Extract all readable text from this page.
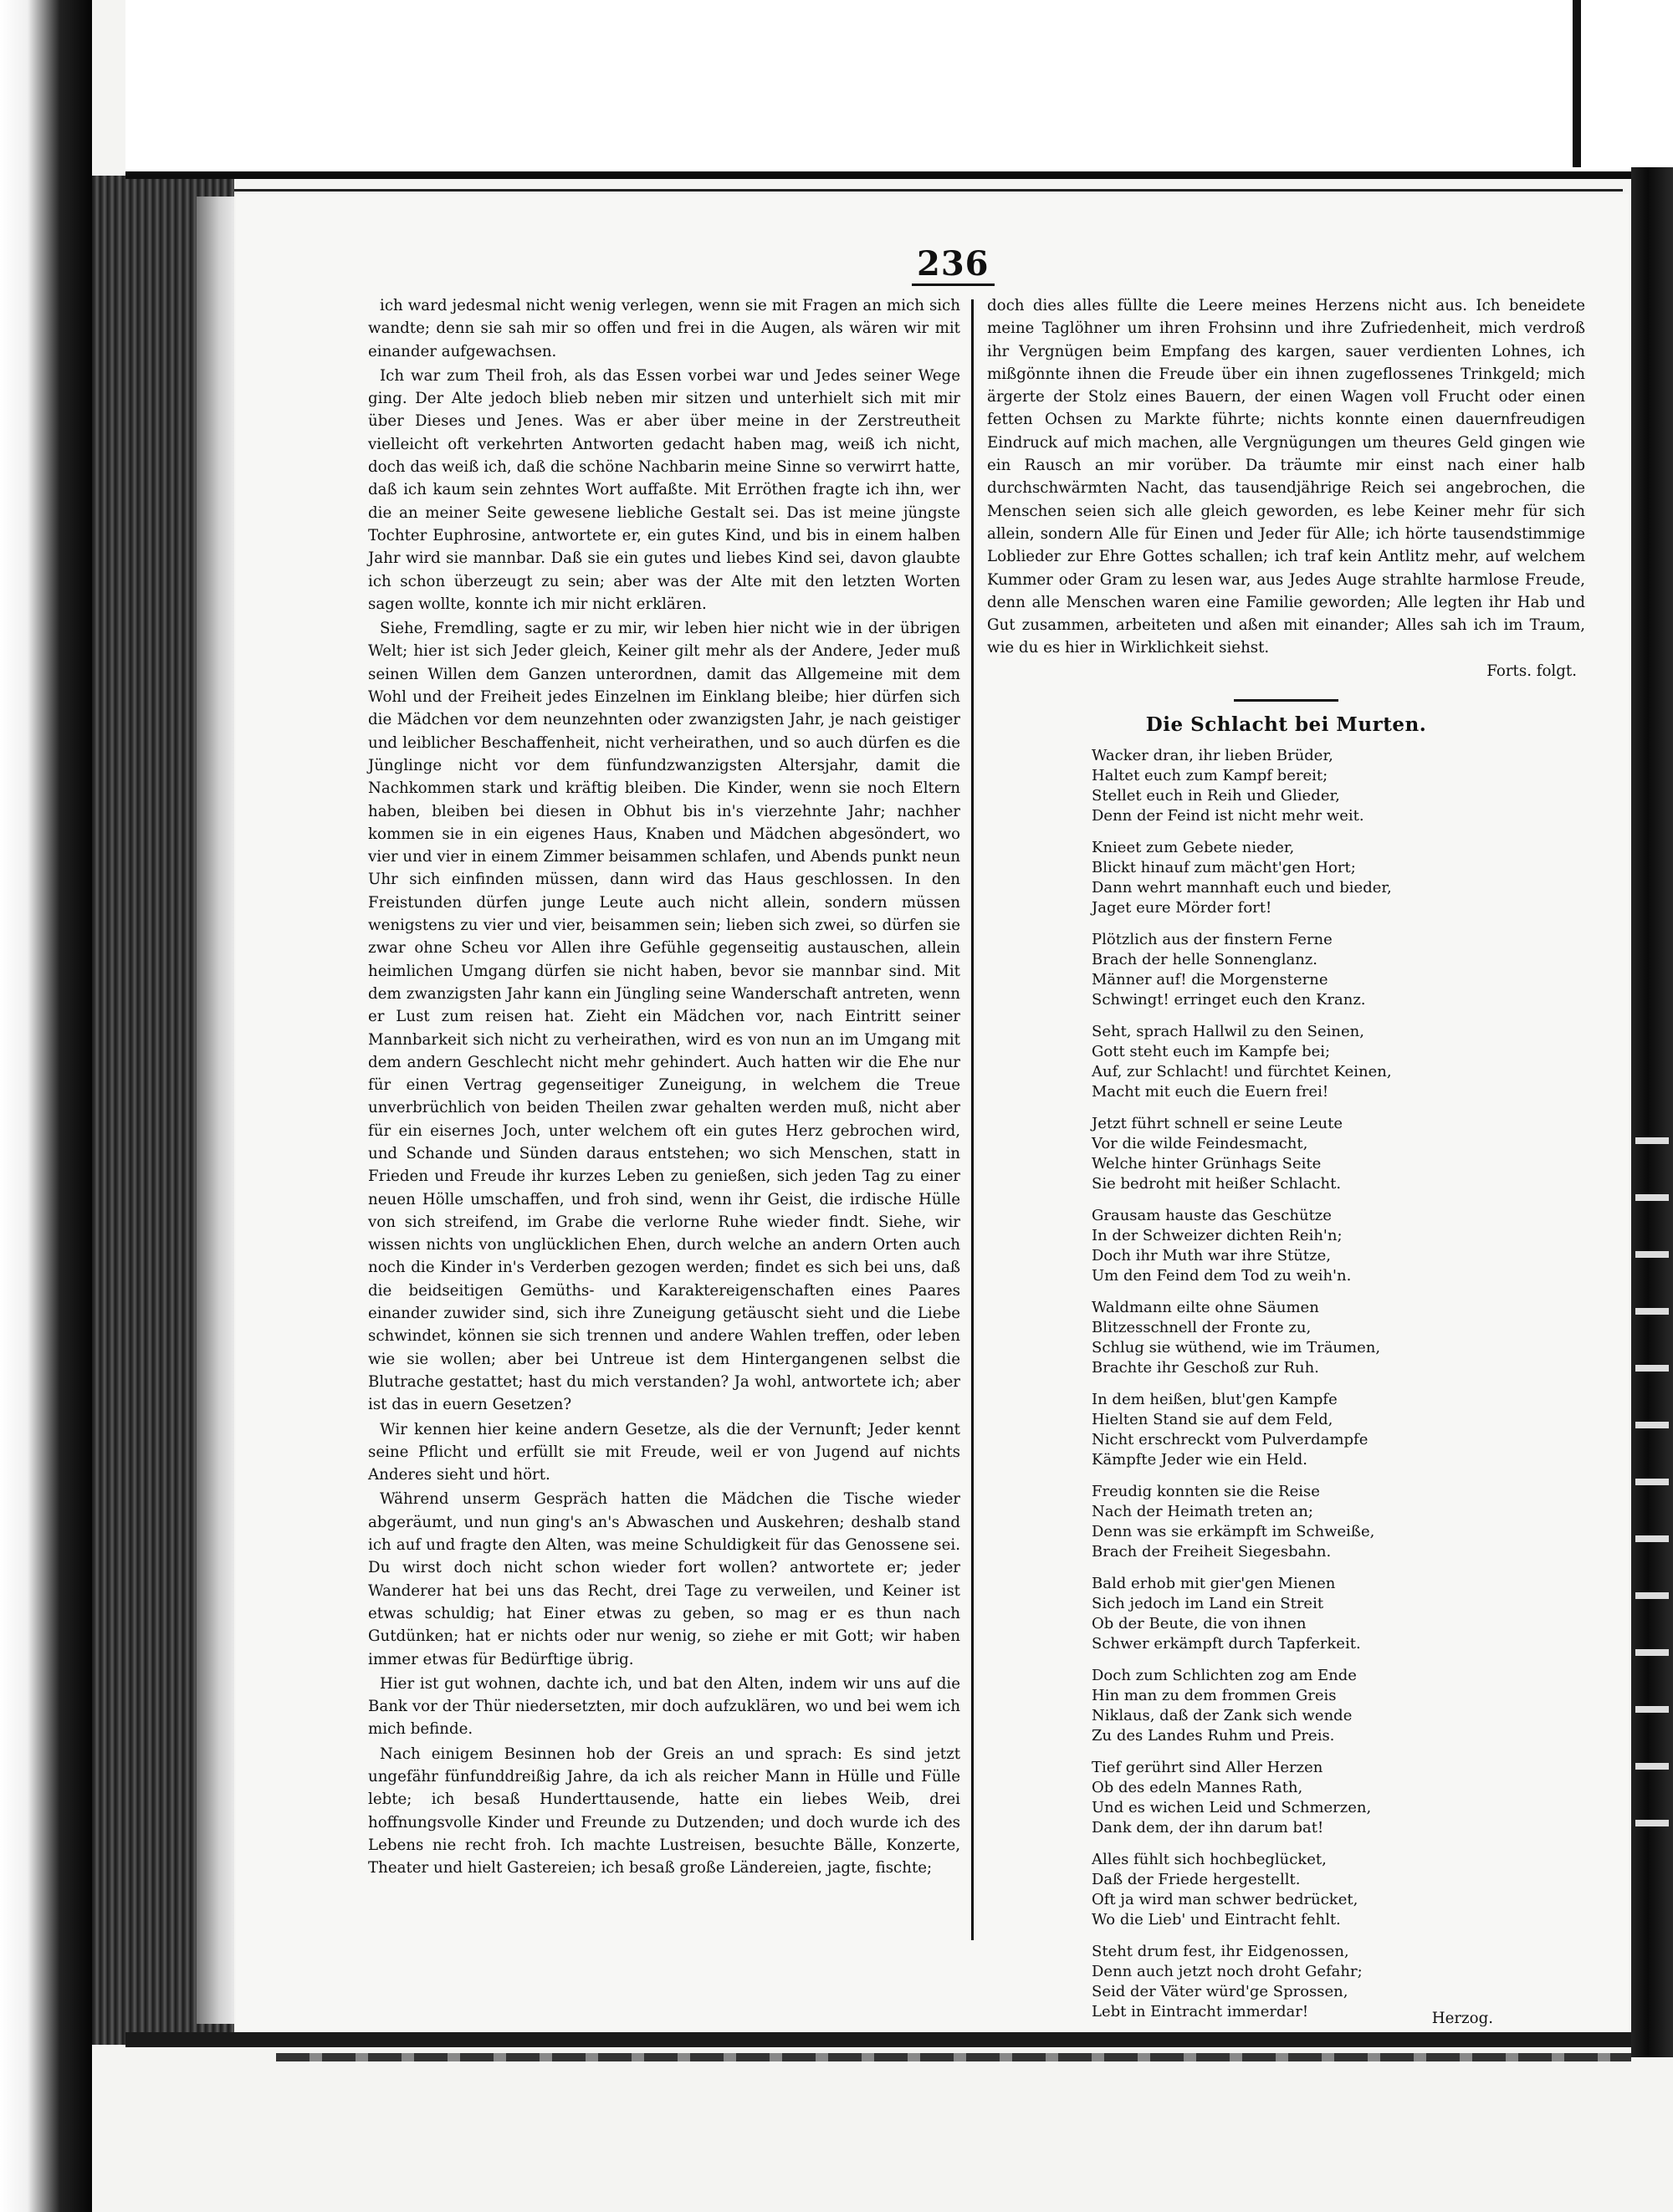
236

ich ward jedesmal nicht wenig verlegen, wenn sie mit Fragen an mich sich wandte; denn sie sah mir so offen und frei in die Augen, als wären wir mit einander aufgewachsen.

Ich war zum Theil froh, als das Essen vorbei war und Jedes seiner Wege ging. Der Alte jedoch blieb neben mir sitzen und unterhielt sich mit mir über Dieses und Jenes. Was er aber über meine in der Zerstreutheit vielleicht oft verkehrten Antworten gedacht haben mag, weiß ich nicht, doch das weiß ich, daß die schöne Nachbarin meine Sinne so verwirrt hatte, daß ich kaum sein zehntes Wort auffaßte. Mit Erröthen fragte ich ihn, wer die an meiner Seite gewesene liebliche Gestalt sei. Das ist meine jüngste Tochter Euphrosine, antwortete er, ein gutes Kind, und bis in einem halben Jahr wird sie mannbar. Daß sie ein gutes und liebes Kind sei, davon glaubte ich schon überzeugt zu sein; aber was der Alte mit den letzten Worten sagen wollte, konnte ich mir nicht erklären.

Siehe, Fremdling, sagte er zu mir, wir leben hier nicht wie in der übrigen Welt; hier ist sich Jeder gleich, Keiner gilt mehr als der Andere, Jeder muß seinen Willen dem Ganzen unterordnen, damit das Allgemeine mit dem Wohl und der Freiheit jedes Einzelnen im Einklang bleibe; hier dürfen sich die Mädchen vor dem neunzehnten oder zwanzigsten Jahr, je nach geistiger und leiblicher Beschaffenheit, nicht verheirathen, und so auch dürfen es die Jünglinge nicht vor dem fünfundzwanzigsten Altersjahr, damit die Nachkommen stark und kräftig bleiben. Die Kinder, wenn sie noch Eltern haben, bleiben bei diesen in Obhut bis in's vierzehnte Jahr; nachher kommen sie in ein eigenes Haus, Knaben und Mädchen abgesöndert, wo vier und vier in einem Zimmer beisammen schlafen, und Abends punkt neun Uhr sich einfinden müssen, dann wird das Haus geschlossen. In den Freistunden dürfen junge Leute auch nicht allein, sondern müssen wenigstens zu vier und vier, beisammen sein; lieben sich zwei, so dürfen sie zwar ohne Scheu vor Allen ihre Gefühle gegenseitig austauschen, allein heimlichen Umgang dürfen sie nicht haben, bevor sie mannbar sind. Mit dem zwanzigsten Jahr kann ein Jüngling seine Wanderschaft antreten, wenn er Lust zum reisen hat. Zieht ein Mädchen vor, nach Eintritt seiner Mannbarkeit sich nicht zu verheirathen, wird es von nun an im Umgang mit dem andern Geschlecht nicht mehr gehindert. Auch hatten wir die Ehe nur für einen Vertrag gegenseitiger Zuneigung, in welchem die Treue unverbrüchlich von beiden Theilen zwar gehalten werden muß, nicht aber für ein eisernes Joch, unter welchem oft ein gutes Herz gebrochen wird, und Schande und Sünden daraus entstehen; wo sich Menschen, statt in Frieden und Freude ihr kurzes Leben zu genießen, sich jeden Tag zu einer neuen Hölle umschaffen, und froh sind, wenn ihr Geist, die irdische Hülle von sich streifend, im Grabe die verlorne Ruhe wieder findt. Siehe, wir wissen nichts von unglücklichen Ehen, durch welche an andern Orten auch noch die Kinder in's Verderben gezogen werden; findet es sich bei uns, daß die beidseitigen Gemüths- und Karaktereigenschaften eines Paares einander zuwider sind, sich ihre Zuneigung getäuscht sieht und die Liebe schwindet, können sie sich trennen und andere Wahlen treffen, oder leben wie sie wollen; aber bei Untreue ist dem Hintergangenen selbst die Blutrache gestattet; hast du mich verstanden? Ja wohl, antwortete ich; aber ist das in euern Gesetzen?

Wir kennen hier keine andern Gesetze, als die der Vernunft; Jeder kennt seine Pflicht und erfüllt sie mit Freude, weil er von Jugend auf nichts Anderes sieht und hört.

Während unserm Gespräch hatten die Mädchen die Tische wieder abgeräumt, und nun ging's an's Abwaschen und Auskehren; deshalb stand ich auf und fragte den Alten, was meine Schuldigkeit für das Genossene sei. Du wirst doch nicht schon wieder fort wollen? antwortete er; jeder Wanderer hat bei uns das Recht, drei Tage zu verweilen, und Keiner ist etwas schuldig; hat Einer etwas zu geben, so mag er es thun nach Gutdünken; hat er nichts oder nur wenig, so ziehe er mit Gott; wir haben immer etwas für Bedürftige übrig.

Hier ist gut wohnen, dachte ich, und bat den Alten, indem wir uns auf die Bank vor der Thür niedersetzten, mir doch aufzuklären, wo und bei wem ich mich befinde.

Nach einigem Besinnen hob der Greis an und sprach: Es sind jetzt ungefähr fünfunddreißig Jahre, da ich als reicher Mann in Hülle und Fülle lebte; ich besaß Hunderttausende, hatte ein liebes Weib, drei hoffnungsvolle Kinder und Freunde zu Dutzenden; und doch wurde ich des Lebens nie recht froh. Ich machte Lustreisen, besuchte Bälle, Konzerte, Theater und hielt Gastereien; ich besaß große Ländereien, jagte, fischte;

doch dies alles füllte die Leere meines Herzens nicht aus. Ich beneidete meine Taglöhner um ihren Frohsinn und ihre Zufriedenheit, mich verdroß ihr Vergnügen beim Empfang des kargen, sauer verdienten Lohnes, ich mißgönnte ihnen die Freude über ein ihnen zugeflossenes Trinkgeld; mich ärgerte der Stolz eines Bauern, der einen Wagen voll Frucht oder einen fetten Ochsen zu Markte führte; nichts konnte einen dauernfreudigen Eindruck auf mich machen, alle Vergnügungen um theures Geld gingen wie ein Rausch an mir vorüber. Da träumte mir einst nach einer halb durchschwärmten Nacht, das tausendjährige Reich sei angebrochen, die Menschen seien sich alle gleich geworden, es lebe Keiner mehr für sich allein, sondern Alle für Einen und Jeder für Alle; ich hörte tausendstimmige Loblieder zur Ehre Gottes schallen; ich traf kein Antlitz mehr, auf welchem Kummer oder Gram zu lesen war, aus Jedes Auge strahlte harmlose Freude, denn alle Menschen waren eine Familie geworden; Alle legten ihr Hab und Gut zusammen, arbeiteten und aßen mit einander; Alles sah ich im Traum, wie du es hier in Wirklichkeit siehst.

Forts. folgt.
Die Schlacht bei Murten.
Wacker dran, ihr lieben Brüder,
Haltet euch zum Kampf bereit;
Stellet euch in Reih und Glieder,
Denn der Feind ist nicht mehr weit.
Knieet zum Gebete nieder,
Blickt hinauf zum mächt'gen Hort;
Dann wehrt mannhaft euch und bieder,
Jaget eure Mörder fort!
Plötzlich aus der finstern Ferne
Brach der helle Sonnenglanz.
Männer auf! die Morgensterne
Schwingt! erringet euch den Kranz.
Seht, sprach Hallwil zu den Seinen,
Gott steht euch im Kampfe bei;
Auf, zur Schlacht! und fürchtet Keinen,
Macht mit euch die Euern frei!
Jetzt führt schnell er seine Leute
Vor die wilde Feindesmacht,
Welche hinter Grünhags Seite
Sie bedroht mit heißer Schlacht.
Grausam hauste das Geschütze
In der Schweizer dichten Reih'n;
Doch ihr Muth war ihre Stütze,
Um den Feind dem Tod zu weih'n.
Waldmann eilte ohne Säumen
Blitzesschnell der Fronte zu,
Schlug sie wüthend, wie im Träumen,
Brachte ihr Geschoß zur Ruh.
In dem heißen, blut'gen Kampfe
Hielten Stand sie auf dem Feld,
Nicht erschreckt vom Pulverdampfe
Kämpfte Jeder wie ein Held.
Freudig konnten sie die Reise
Nach der Heimath treten an;
Denn was sie erkämpft im Schweiße,
Brach der Freiheit Siegesbahn.
Bald erhob mit gier'gen Mienen
Sich jedoch im Land ein Streit
Ob der Beute, die von ihnen
Schwer erkämpft durch Tapferkeit.
Doch zum Schlichten zog am Ende
Hin man zu dem frommen Greis
Niklaus, daß der Zank sich wende
Zu des Landes Ruhm und Preis.
Tief gerührt sind Aller Herzen
Ob des edeln Mannes Rath,
Und es wichen Leid und Schmerzen,
Dank dem, der ihn darum bat!
Alles fühlt sich hochbeglücket,
Daß der Friede hergestellt.
Oft ja wird man schwer bedrücket,
Wo die Lieb' und Eintracht fehlt.
Steht drum fest, ihr Eidgenossen,
Denn auch jetzt noch droht Gefahr;
Seid der Väter würd'ge Sprossen,
Lebt in Eintracht immerdar!	Herzog.
